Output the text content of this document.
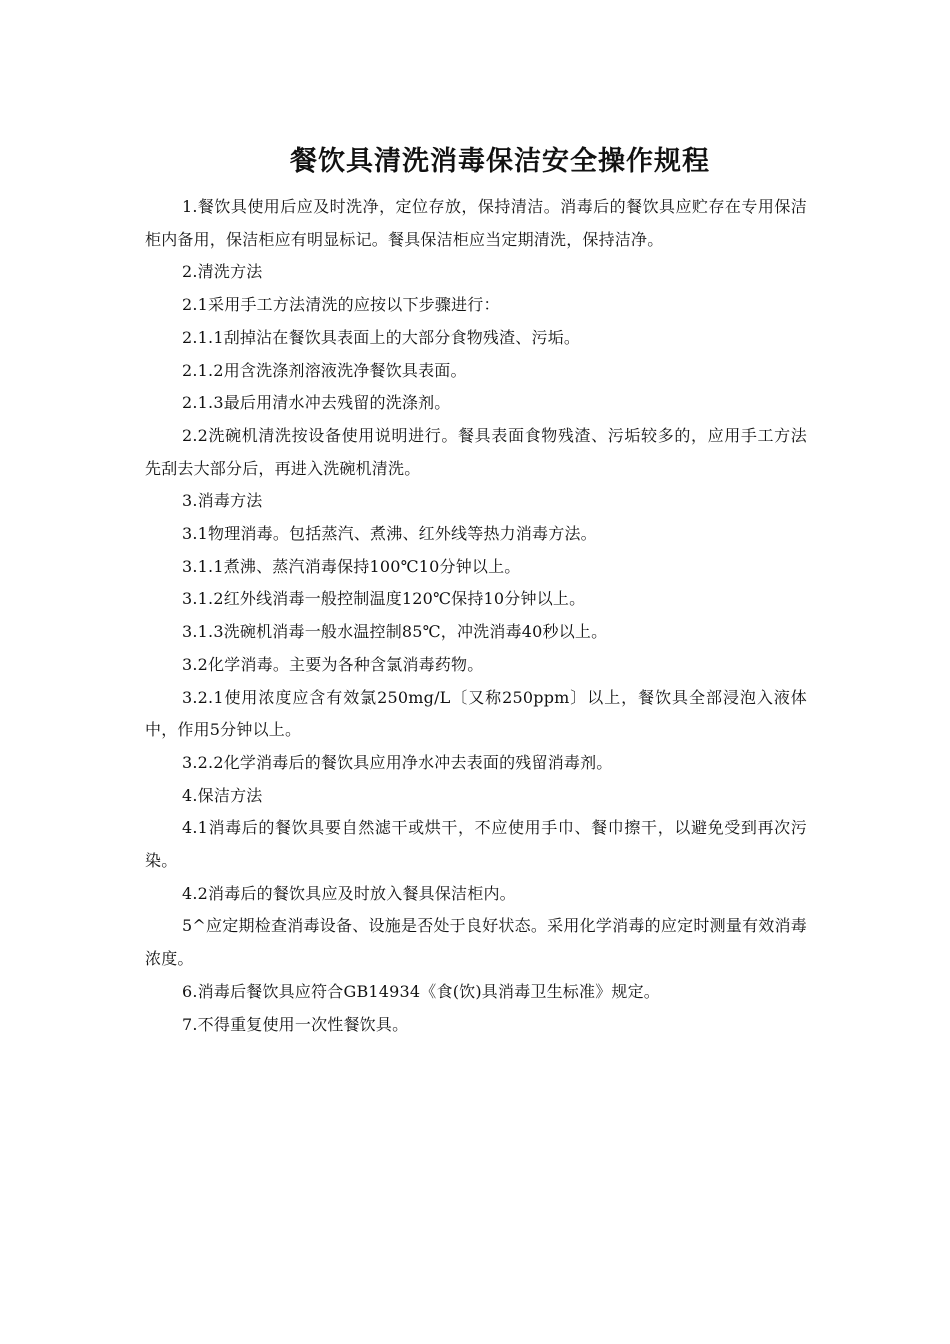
餐饮具清洗消毒保洁安全操作规程

1.餐饮具使用后应及时洗净，定位存放，保持清洁。消毒后的餐饮具应贮存在专用保洁柜内备用，保洁柜应有明显标记。餐具保洁柜应当定期清洗，保持洁净。

2.清洗方法

2.1采用手工方法清洗的应按以下步骤进行：

2.1.1刮掉沾在餐饮具表面上的大部分食物残渣、污垢。

2.1.2用含洗涤剂溶液洗净餐饮具表面。

2.1.3最后用清水冲去残留的洗涤剂。

2.2洗碗机清洗按设备使用说明进行。餐具表面食物残渣、污垢较多的，应用手工方法先刮去大部分后，再进入洗碗机清洗。

3.消毒方法

3.1物理消毒。包括蒸汽、煮沸、红外线等热力消毒方法。

3.1.1煮沸、蒸汽消毒保持100℃10分钟以上。

3.1.2红外线消毒一般控制温度120℃保持10分钟以上。

3.1.3洗碗机消毒一般水温控制85℃，冲洗消毒40秒以上。

3.2化学消毒。主要为各种含氯消毒药物。

3.2.1使用浓度应含有效氯250mg/L〔又称250ppm〕以上，餐饮具全部浸泡入液体中，作用5分钟以上。

3.2.2化学消毒后的餐饮具应用净水冲去表面的残留消毒剂。

4.保洁方法

4.1消毒后的餐饮具要自然滤干或烘干，不应使用手巾、餐巾擦干，以避免受到再次污染。

4.2消毒后的餐饮具应及时放入餐具保洁柜内。

5^应定期检查消毒设备、设施是否处于良好状态。采用化学消毒的应定时测量有效消毒浓度。

6.消毒后餐饮具应符合GB14934《食(饮)具消毒卫生标准》规定。

7.不得重复使用一次性餐饮具。
